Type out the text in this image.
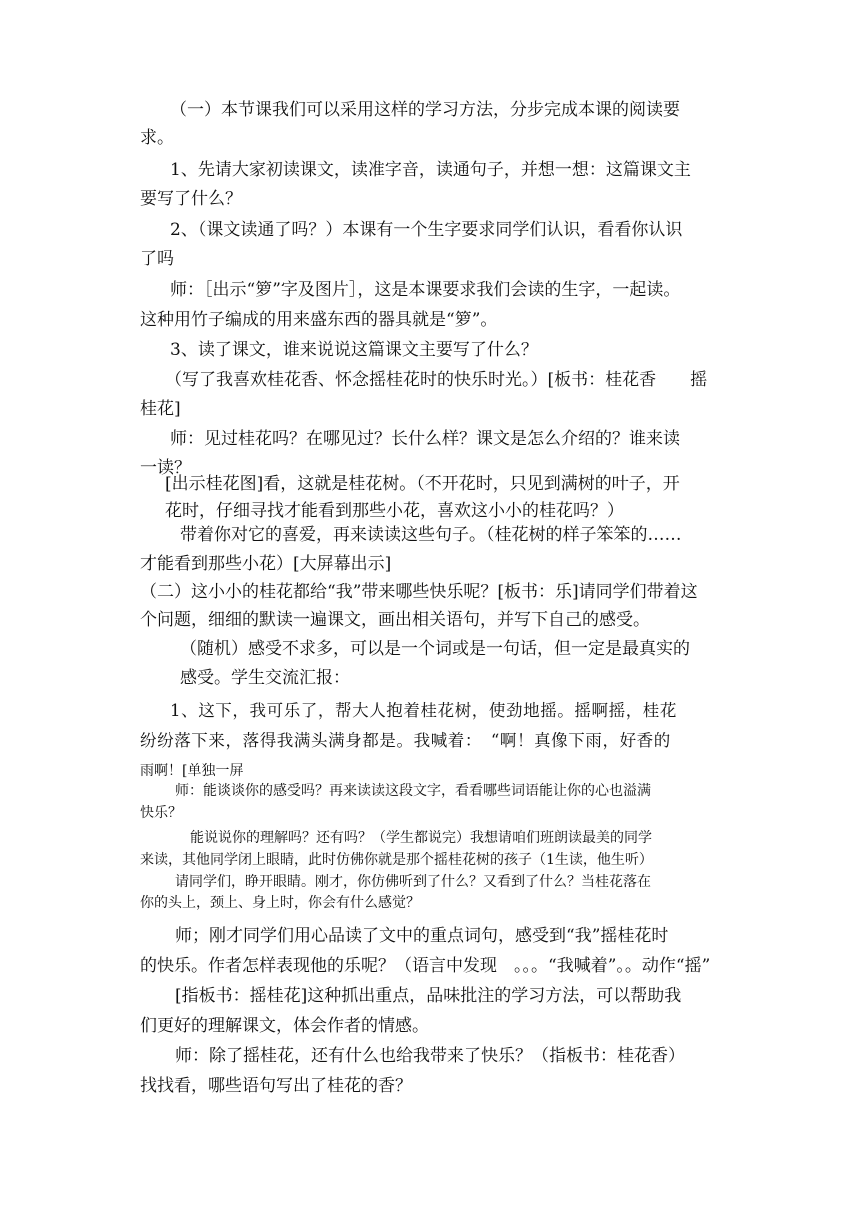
（一）本节课我们可以采用这样的学习方法，分步完成本课的阅读要
求。
1、先请大家初读课文，读准字音，读通句子，并想一想：这篇课文主
要写了什么？
2、（课文读通了吗？）本课有一个生字要求同学们认识，看看你认识
了吗
师：［出示“箩”字及图片］，这是本课要求我们会读的生字，一起读。
这种用竹子编成的用来盛东西的器具就是“箩”。
3、读了课文，谁来说说这篇课文主要写了什么？
（写了我喜欢桂花香、怀念摇桂花时的快乐时光。）[板书：桂花香　　摇
桂花]
师：见过桂花吗？在哪见过？长什么样？课文是怎么介绍的？谁来读
一读？
[出示桂花图]看，这就是桂花树。（不开花时，只见到满树的叶子，开
花时，仔细寻找才能看到那些小花，喜欢这小小的桂花吗？）
带着你对它的喜爱，再来读读这些句子。（桂花树的样子笨笨的……
才能看到那些小花）[大屏幕出示]
（二）这小小的桂花都给“我”带来哪些快乐呢？[板书：乐]请同学们带着这
个问题，细细的默读一遍课文，画出相关语句，并写下自己的感受。
（随机）感受不求多，可以是一个词或是一句话，但一定是最真实的
感受。学生交流汇报：
1、这下，我可乐了，帮大人抱着桂花树，使劲地摇。摇啊摇，桂花
纷纷落下来，落得我满头满身都是。我喊着：　“啊！真像下雨，好香的
雨啊！[单独一屏
师：能谈谈你的感受吗？再来读读这段文字，看看哪些词语能让你的心也溢满
快乐？
能说说你的理解吗？还有吗？（学生都说完）我想请咱们班朗读最美的同学
来读，其他同学闭上眼睛，此时仿佛你就是那个摇桂花树的孩子（1生读，他生听）
请同学们，睁开眼睛。刚才，你仿佛听到了什么？又看到了什么？当桂花落在
你的头上，颈上、身上时，你会有什么感觉？
师；刚才同学们用心品读了文中的重点词句，感受到“我”摇桂花时
的快乐。作者怎样表现他的乐呢？（语言中发现　。。。“我喊着”。。动作“摇”
[指板书：摇桂花]这种抓出重点，品味批注的学习方法，可以帮助我
们更好的理解课文，体会作者的情感。
师：除了摇桂花，还有什么也给我带来了快乐？（指板书：桂花香）
找找看，哪些语句写出了桂花的香？
